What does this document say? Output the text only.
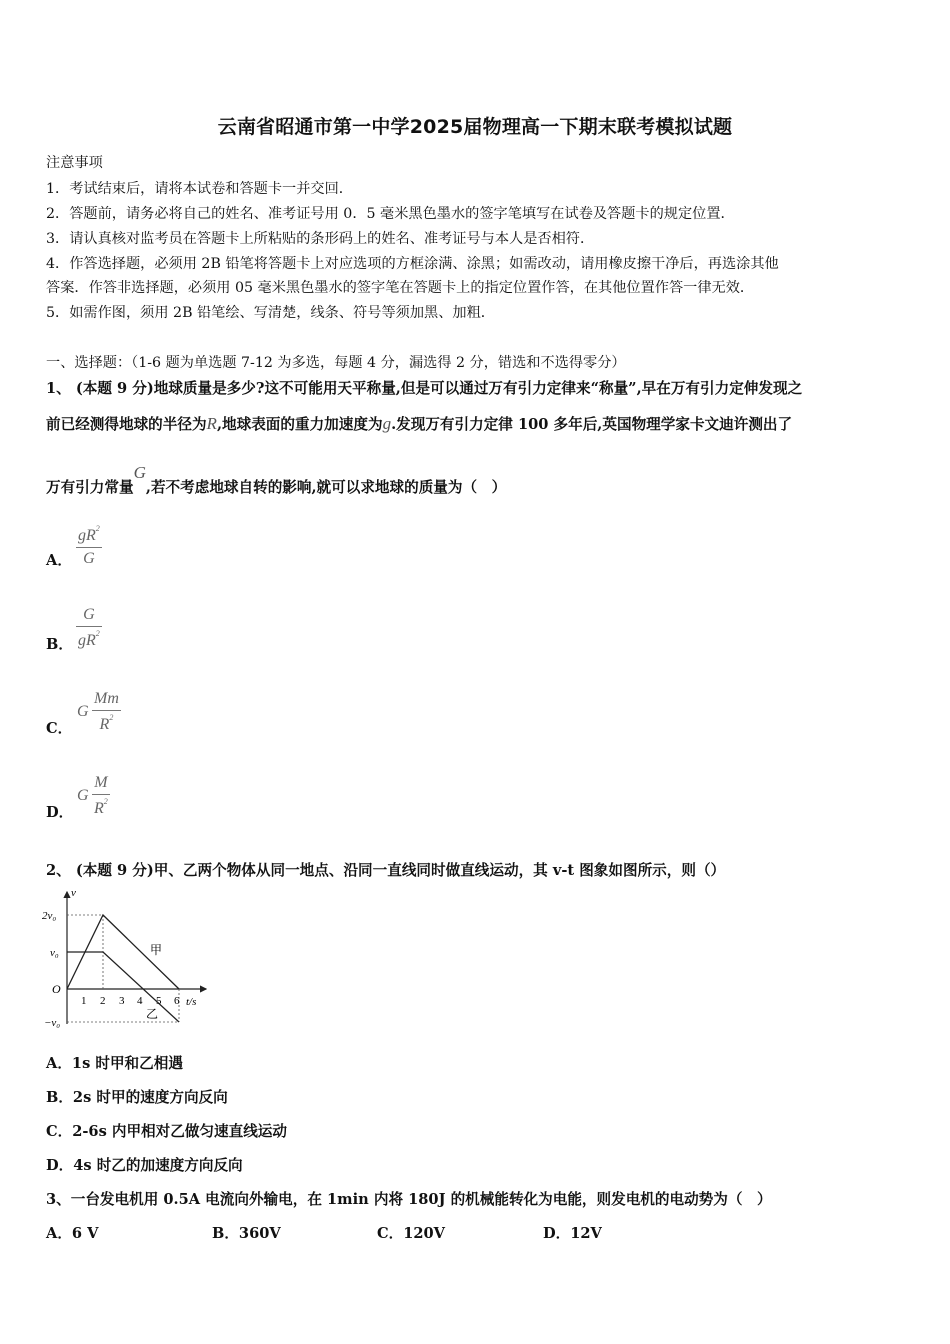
云南省昭通市第一中学2025届物理高一下期末联考模拟试题
注意事项
1．考试结束后，请将本试卷和答题卡一并交回．
2．答题前，请务必将自己的姓名、准考证号用 0．5 毫米黑色墨水的签字笔填写在试卷及答题卡的规定位置．
3．请认真核对监考员在答题卡上所粘贴的条形码上的姓名、准考证号与本人是否相符．
4．作答选择题，必须用 2B 铅笔将答题卡上对应选项的方框涂满、涂黑；如需改动，请用橡皮擦干净后，再选涂其他
答案．作答非选择题，必须用 05 毫米黑色墨水的签字笔在答题卡上的指定位置作答，在其他位置作答一律无效．
5．如需作图，须用 2B 铅笔绘、写清楚，线条、符号等须加黑、加粗．
一、选择题：（1-6 题为单选题 7-12 为多选，每题 4 分，漏选得 2 分，错选和不选得零分）
1、 (本题 9 分)地球质量是多少?这不可能用天平称量,但是可以通过万有引力定律来“称量”,早在万有引力定伸发现之
前已经测得地球的半径为R,地球表面的重力加速度为g.发现万有引力定律 100 多年后,英国物理学家卡文迪许测出了
万有引力常量G,若不考虑地球自转的影响,就可以求地球的质量为（　）
A．
$gR^2$
G
B．
G
$gR^2$
C．
G
Mm
$R^2$
D．
G
M
$R^2$
2、 (本题 9 分)甲、乙两个物体从同一地点、沿同一直线同时做直线运动，其 v-t 图象如图所示，则（）
2v₀
v₀
−v₀
O
v
t/s
1 2 3 4 5 6
甲
乙
A．1s 时甲和乙相遇
B．2s 时甲的速度方向反向
C．2-6s 内甲相对乙做匀速直线运动
D．4s 时乙的加速度方向反向
3、一台发电机用 0.5A 电流向外输电，在 1min 内将 180J 的机械能转化为电能，则发电机的电动势为（　）
A．6 V	B．360V	C．120V	D．12V
